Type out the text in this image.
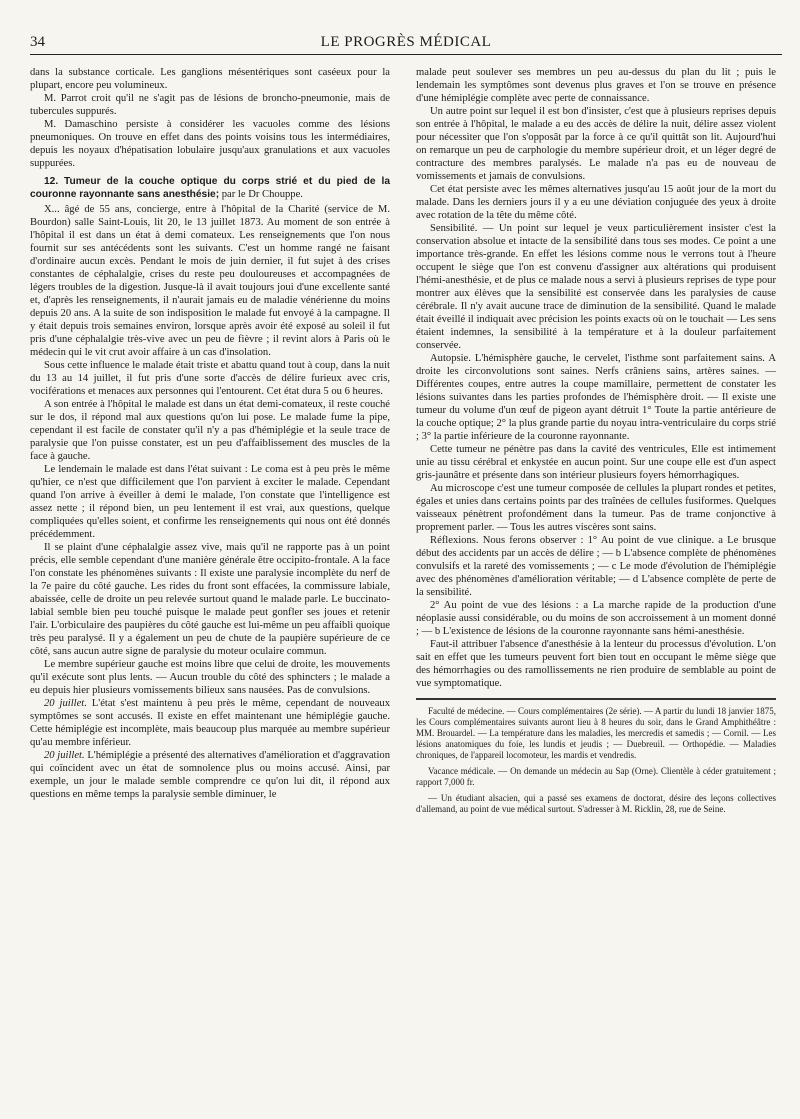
34	LE PROGRÈS MÉDICAL

dans la substance corticale. Les ganglions mésentériques sont caséeux pour la plupart, encore peu volumineux.

M. Parrot croit qu'il ne s'agit pas de lésions de broncho-pneumonie, mais de tubercules suppurés.

M. Damaschino persiste à considérer les vacuoles comme des lésions pneumoniques. On trouve en effet dans des points voisins tous les intermédiaires, depuis les noyaux d'hépatisation lobulaire jusqu'aux granulations et aux vacuoles suppurées.

12. Tumeur de la couche optique du corps strié et du pied de la couronne rayonnante sans anesthésie; par le Dr Chouppe.

X... âgé de 55 ans, concierge, entre à l'hôpital de la Charité (service de M. Bourdon) salle Saint-Louis, lit 20, le 13 juillet 1873. Au moment de son entrée à l'hôpital il est dans un état à demi comateux. Les renseignements que l'on nous fournit sur ses antécédents sont les suivants. C'est un homme rangé ne faisant d'ordinaire aucun excès. Pendant le mois de juin dernier, il fut sujet à des crises constantes de céphalalgie, crises du reste peu douloureuses et accompagnées de légers troubles de la digestion. Jusque-là il avait toujours joui d'une excellente santé et, d'après les renseignements, il n'aurait jamais eu de maladie vénérienne du moins depuis 20 ans. A la suite de son indisposition le malade fut envoyé à la campagne. Il y était depuis trois semaines environ, lorsque après avoir été exposé au soleil il fut pris d'une céphalalgie très-vive avec un peu de fièvre ; il revint alors à Paris où le médecin qui le vit crut avoir affaire à un cas d'insolation.

Sous cette influence le malade était triste et abattu quand tout à coup, dans la nuit du 13 au 14 juillet, il fut pris d'une sorte d'accès de délire furieux avec cris, vociférations et menaces aux personnes qui l'entourent. Cet état dura 5 ou 6 heures.

A son entrée à l'hôpital le malade est dans un état demi-comateux, il reste couché sur le dos, il répond mal aux questions qu'on lui pose. Le malade fume la pipe, cependant il est facile de constater qu'il n'y a pas d'hémiplégie et la seule trace de paralysie que l'on puisse constater, est un peu d'affaiblissement des muscles de la face à gauche.

Le lendemain le malade est dans l'état suivant : Le coma est à peu près le même qu'hier, ce n'est que difficilement que l'on parvient à exciter le malade. Cependant quand l'on arrive à éveiller à demi le malade, l'on constate que l'intelligence est assez nette ; il répond bien, un peu lentement il est vrai, aux questions, quelque compliquées qu'elles soient, et confirme les renseignements qui nous ont été donnés précédemment.

Il se plaint d'une céphalalgie assez vive, mais qu'il ne rapporte pas à un point précis, elle semble cependant d'une manière générale être occipito-frontale. A la face l'on constate les phénomènes suivants : Il existe une paralysie incomplète du nerf de la 7e paire du côté gauche. Les rides du front sont effacées, la commissure labiale, abaissée, celle de droite un peu relevée surtout quand le malade parle. Le buccinato-labial semble bien peu touché puisque le malade peut gonfler ses joues et retenir l'air. L'orbiculaire des paupières du côté gauche est lui-même un peu affaibli quoique très peu paralysé. Il y a également un peu de chute de la paupière supérieure de ce côté, sans aucun autre signe de paralysie du moteur oculaire commun.

Le membre supérieur gauche est moins libre que celui de droite, les mouvements qu'il exécute sont plus lents. — Aucun trouble du côté des sphincters ; le malade a eu depuis hier plusieurs vomissements bilieux sans nausées. Pas de convulsions.

20 juillet. L'état s'est maintenu à peu près le même, cependant de nouveaux symptômes se sont accusés. Il existe en effet maintenant une hémiplégie gauche. Cette hémiplégie est incomplète, mais beaucoup plus marquée au membre supérieur qu'au membre inférieur.

20 juillet. L'hémiplégie a présenté des alternatives d'amélioration et d'aggravation qui coïncident avec un état de somnolence plus ou moins accusé. Ainsi, par exemple, un jour le malade semble comprendre ce qu'on lui dit, il répond aux questions en même temps la paralysie semble diminuer, le

malade peut soulever ses membres un peu au-dessus du plan du lit ; puis le lendemain les symptômes sont devenus plus graves et l'on se trouve en présence d'une hémiplégie complète avec perte de connaissance.

Un autre point sur lequel il est bon d'insister, c'est que à plusieurs reprises depuis son entrée à l'hôpital, le malade a eu des accès de délire la nuit, délire assez violent pour nécessiter que l'on s'opposât par la force à ce qu'il quittât son lit. Aujourd'hui on remarque un peu de carphologie du membre supérieur droit, et un léger degré de contracture des membres paralysés. Le malade n'a pas eu de nouveau de vomissements et jamais de convulsions.

Cet état persiste avec les mêmes alternatives jusqu'au 15 août jour de la mort du malade. Dans les derniers jours il y a eu une déviation conjuguée des yeux à droite avec rotation de la tête du même côté.

Sensibilité. — Un point sur lequel je veux particulièrement insister c'est la conservation absolue et intacte de la sensibilité dans tous ses modes. Ce point a une importance très-grande. En effet les lésions comme nous le verrons tout à l'heure occupent le siège que l'on est convenu d'assigner aux altérations qui produisent l'hémi-anesthésie, et de plus ce malade nous a servi à plusieurs reprises de type pour montrer aux élèves que la sensibilité est conservée dans les paralysies de cause cérébrale. Il n'y avait aucune trace de diminution de la sensibilité. Quand le malade était éveillé il indiquait avec précision les points exacts où on le touchait — Les sens étaient indemnes, la sensibilité à la température et à la douleur parfaitement conservée.

Autopsie. L'hémisphère gauche, le cervelet, l'isthme sont parfaitement sains. A droite les circonvolutions sont saines. Nerfs crâniens sains, artères saines. — Différentes coupes, entre autres la coupe mamillaire, permettent de constater les lésions suivantes dans les parties profondes de l'hémisphère droit. — Il existe une tumeur du volume d'un œuf de pigeon ayant détruit 1° Toute la partie antérieure de la couche optique; 2° la plus grande partie du noyau intra-ventriculaire du corps strié ; 3° la partie inférieure de la couronne rayonnante.

Cette tumeur ne pénètre pas dans la cavité des ventricules, Elle est intimement unie au tissu cérébral et enkystée en aucun point. Sur une coupe elle est d'un aspect gris-jaunâtre et présente dans son intérieur plusieurs foyers hémorrhagiques.

Au microscope c'est une tumeur composée de cellules la plupart rondes et petites, égales et unies dans certains points par des traînées de cellules fusiformes. Quelques vaisseaux pénètrent profondément dans la tumeur. Pas de trame conjonctive à proprement parler. — Tous les autres viscères sont sains.

Réflexions. Nous ferons observer : 1° Au point de vue clinique. a Le brusque début des accidents par un accès de délire ; — b L'absence complète de phénomènes convulsifs et la rareté des vomissements ; — c Le mode d'évolution de l'hémiplégie avec des phénomènes d'amélioration véritable; — d L'absence complète de perte de la sensibilité.

2° Au point de vue des lésions : a La marche rapide de la production d'une néoplasie aussi considérable, ou du moins de son accroissement à un moment donné ; — b L'existence de lésions de la couronne rayonnante sans hémi-anesthésie.

Faut-il attribuer l'absence d'anesthésie à la lenteur du processus d'évolution. L'on sait en effet que les tumeurs peuvent fort bien tout en occupant le même siège que des hémorrhagies ou des ramollissements ne rien produire de semblable au point de vue symptomatique.

Faculté de médecine. — Cours complémentaires (2e série). — A partir du lundi 18 janvier 1875, les Cours complémentaires suivants auront lieu à 8 heures du soir, dans le Grand Amphithéâtre : MM. Brouardel. — La température dans les maladies, les mercredis et samedis ; — Cornil. — Les lésions anatomiques du foie, les lundis et jeudis ; — Duebreuil. — Orthopédie. — Maladies chroniques, de l'appareil locomoteur, les mardis et vendredis.

Vacance médicale. — On demande un médecin au Sap (Orne). Clientèle à céder gratuitement ; rapport 7,000 fr.

— Un étudiant alsacien, qui a passé ses examens de doctorat, désire des leçons collectives d'allemand, au point de vue médical surtout. S'adresser à M. Ricklin, 28, rue de Seine.
